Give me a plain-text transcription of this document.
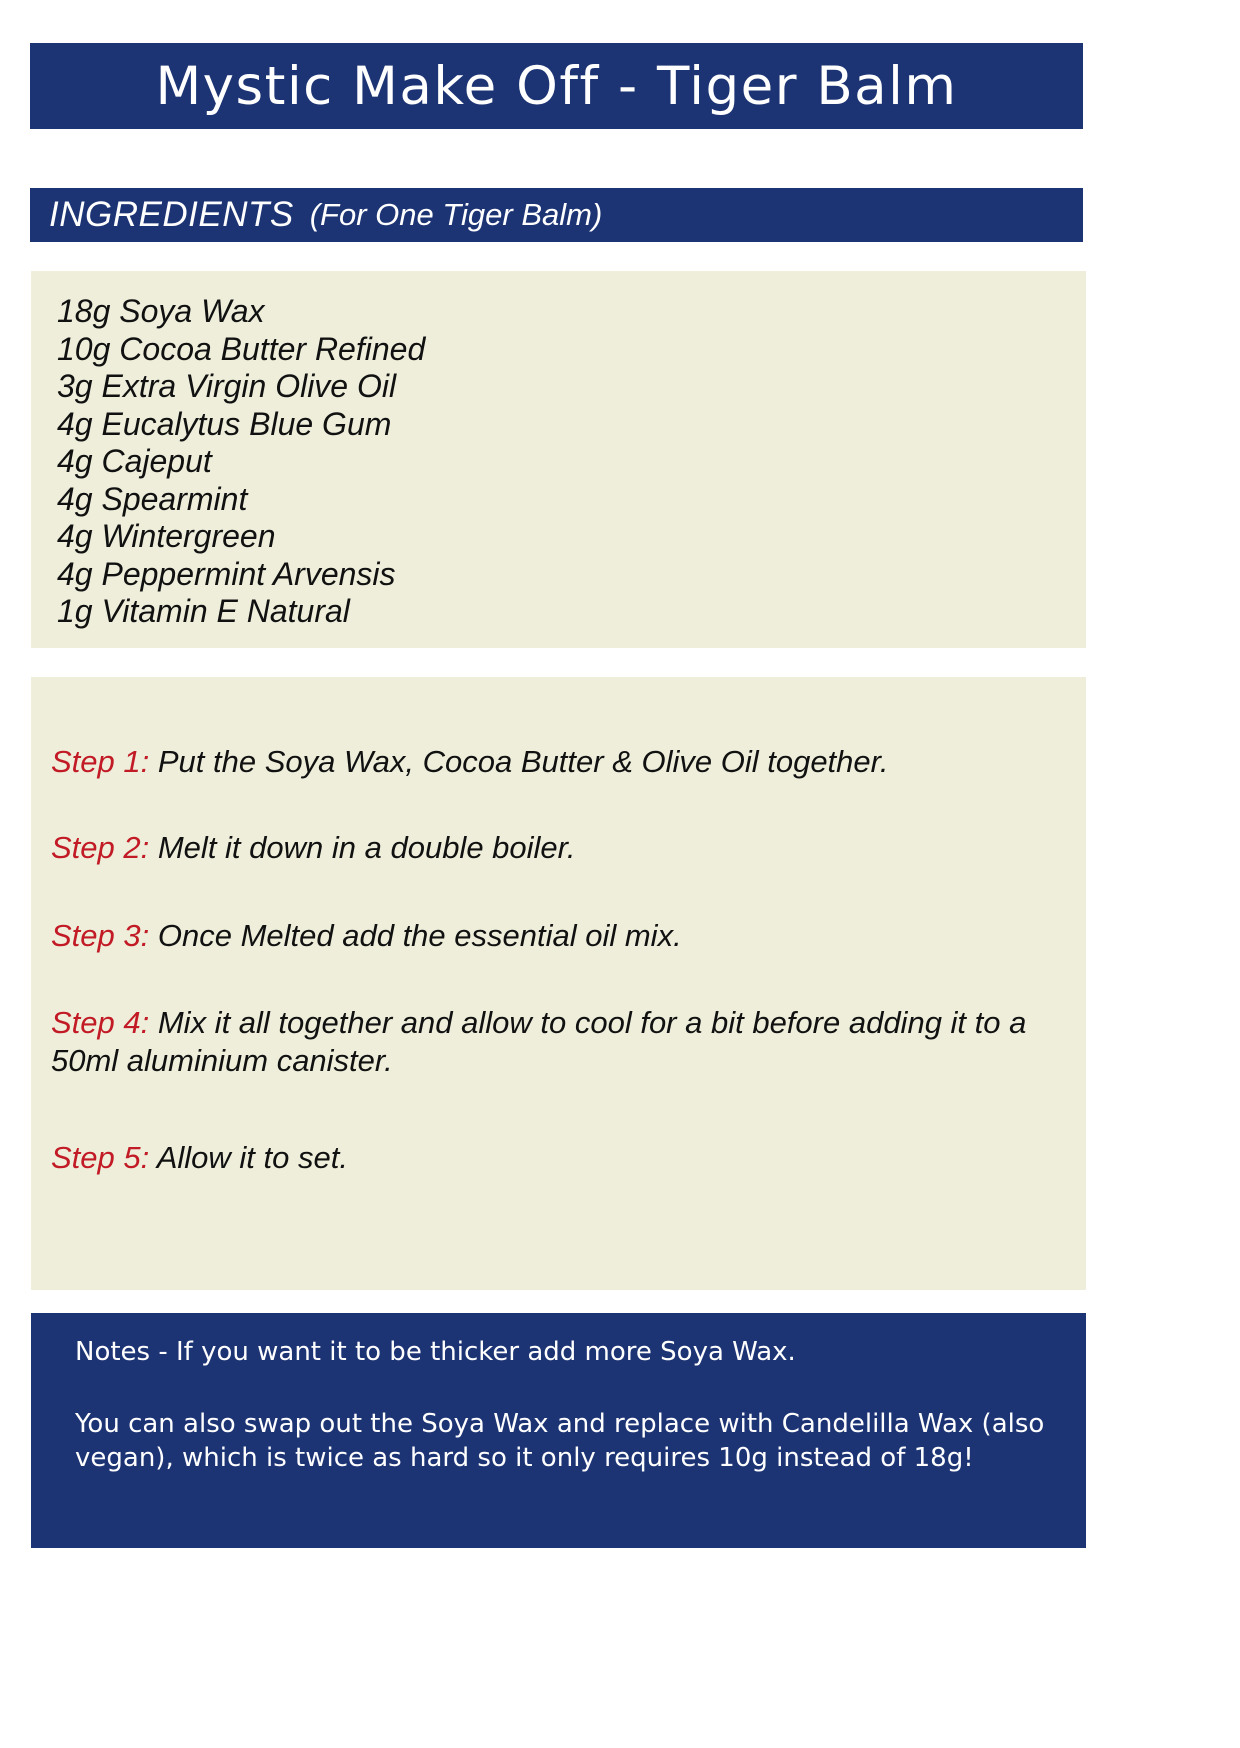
Mystic Make Off - Tiger Balm
INGREDIENTS (For One Tiger Balm)
18g Soya Wax
10g Cocoa Butter Refined
3g Extra Virgin Olive Oil
4g Eucalytus Blue Gum
4g Cajeput
4g Spearmint
4g Wintergreen
4g Peppermint Arvensis
1g Vitamin E Natural
Step 1: Put the Soya Wax, Cocoa Butter & Olive Oil together.
Step 2: Melt it down in a double boiler.
Step 3: Once Melted add the essential oil mix.
Step 4: Mix it all together and allow to cool for a bit before adding it to a 50ml aluminium canister.
Step 5: Allow it to set.
Notes - If you want it to be thicker add more Soya Wax.
You can also swap out the Soya Wax and replace with Candelilla Wax (also vegan), which is twice as hard so it only requires 10g instead of 18g!
